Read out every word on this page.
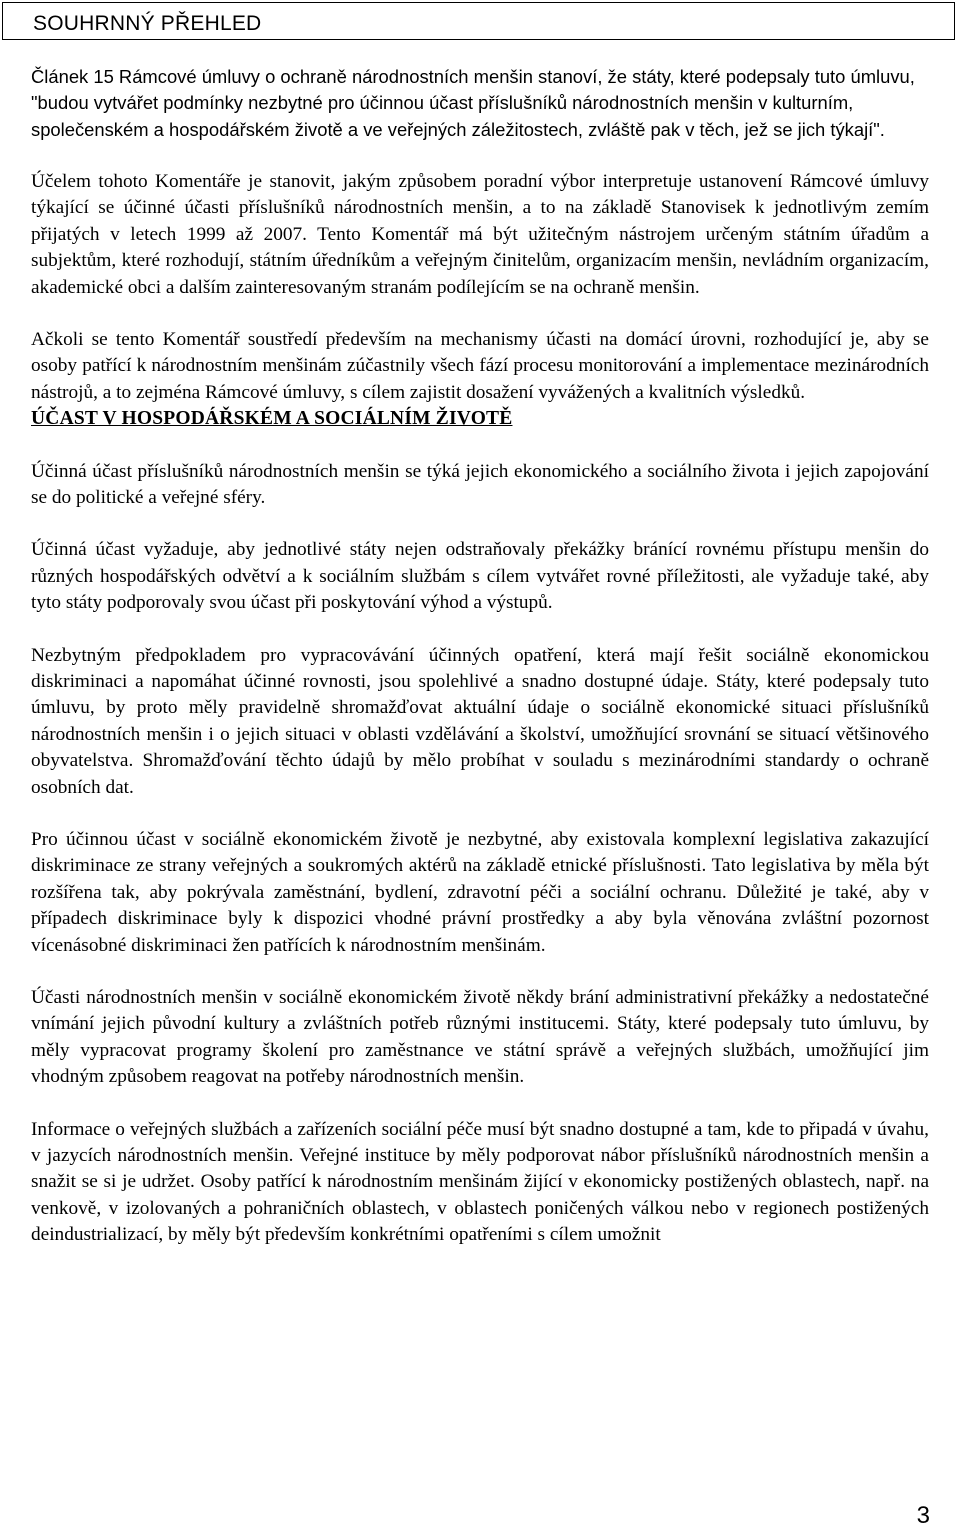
SOUHRNNÝ PŘEHLED

Článek 15 Rámcové úmluvy o ochraně národnostních menšin stanoví, že státy, které podepsaly tuto úmluvu, "budou vytvářet podmínky nezbytné pro účinnou účast příslušníků národnostních menšin v kulturním, společenském a hospodářském životě a ve veřejných záležitostech, zvláště pak v těch, jež se jich týkají".

Účelem tohoto Komentáře je stanovit, jakým způsobem poradní výbor interpretuje ustanovení Rámcové úmluvy týkající se účinné účasti příslušníků národnostních menšin, a to na základě Stanovisek k jednotlivým zemím přijatých v letech 1999 až 2007. Tento Komentář má být užitečným nástrojem určeným státním úřadům a subjektům, které rozhodují, státním úředníkům a veřejným činitelům, organizacím menšin, nevládním organizacím, akademické obci a dalším zainteresovaným stranám podílejícím se na ochraně menšin.

Ačkoli se tento Komentář soustředí především na mechanismy účasti na domácí úrovni, rozhodující je, aby se osoby patřící k národnostním menšinám zúčastnily všech fází procesu monitorování a implementace mezinárodních nástrojů, a to zejména Rámcové úmluvy, s cílem zajistit dosažení vyvážených a kvalitních výsledků.

ÚČAST V HOSPODÁŘSKÉM A SOCIÁLNÍM ŽIVOTĚ

Účinná účast příslušníků národnostních menšin se týká jejich ekonomického a sociálního života i jejich zapojování se do politické a veřejné sféry.

Účinná účast vyžaduje, aby jednotlivé státy nejen odstraňovaly překážky bránící rovnému přístupu menšin do různých hospodářských odvětví a k sociálním službám s cílem vytvářet rovné příležitosti, ale vyžaduje také, aby tyto státy podporovaly svou účast při poskytování výhod a výstupů.

Nezbytným předpokladem pro vypracovávání účinných opatření, která mají řešit sociálně ekonomickou diskriminaci a napomáhat účinné rovnosti, jsou spolehlivé a snadno dostupné údaje. Státy, které podepsaly tuto úmluvu, by proto měly pravidelně shromažďovat aktuální údaje o sociálně ekonomické situaci příslušníků národnostních menšin i o jejich situaci v oblasti vzdělávání a školství, umožňující srovnání se situací většinového obyvatelstva. Shromažďování těchto údajů by mělo probíhat v souladu s mezinárodními standardy o ochraně osobních dat.

Pro účinnou účast v sociálně ekonomickém životě je nezbytné, aby existovala komplexní legislativa zakazující diskriminace ze strany veřejných a soukromých aktérů na základě etnické příslušnosti. Tato legislativa by měla být rozšířena tak, aby pokrývala zaměstnání, bydlení, zdravotní péči a sociální ochranu. Důležité je také, aby v případech diskriminace byly k dispozici vhodné právní prostředky a aby byla věnována zvláštní pozornost vícenásobné diskriminaci žen patřících k národnostním menšinám.

Účasti národnostních menšin v sociálně ekonomickém životě někdy brání administrativní překážky a nedostatečné vnímání jejich původní kultury a zvláštních potřeb různými institucemi. Státy, které podepsaly tuto úmluvu, by měly vypracovat programy školení pro zaměstnance ve státní správě a veřejných službách, umožňující jim vhodným způsobem reagovat na potřeby národnostních menšin.

Informace o veřejných službách a zařízeních sociální péče musí být snadno dostupné a tam, kde to připadá v úvahu, v jazycích národnostních menšin. Veřejné instituce by měly podporovat nábor příslušníků národnostních menšin a snažit se si je udržet. Osoby patřící k národnostním menšinám žijící v ekonomicky postižených oblastech, např. na venkově, v izolovaných a pohraničních oblastech, v oblastech poničených válkou nebo v regionech postižených deindustrializací, by měly být především konkrétními opatřeními s cílem umožnit

3
